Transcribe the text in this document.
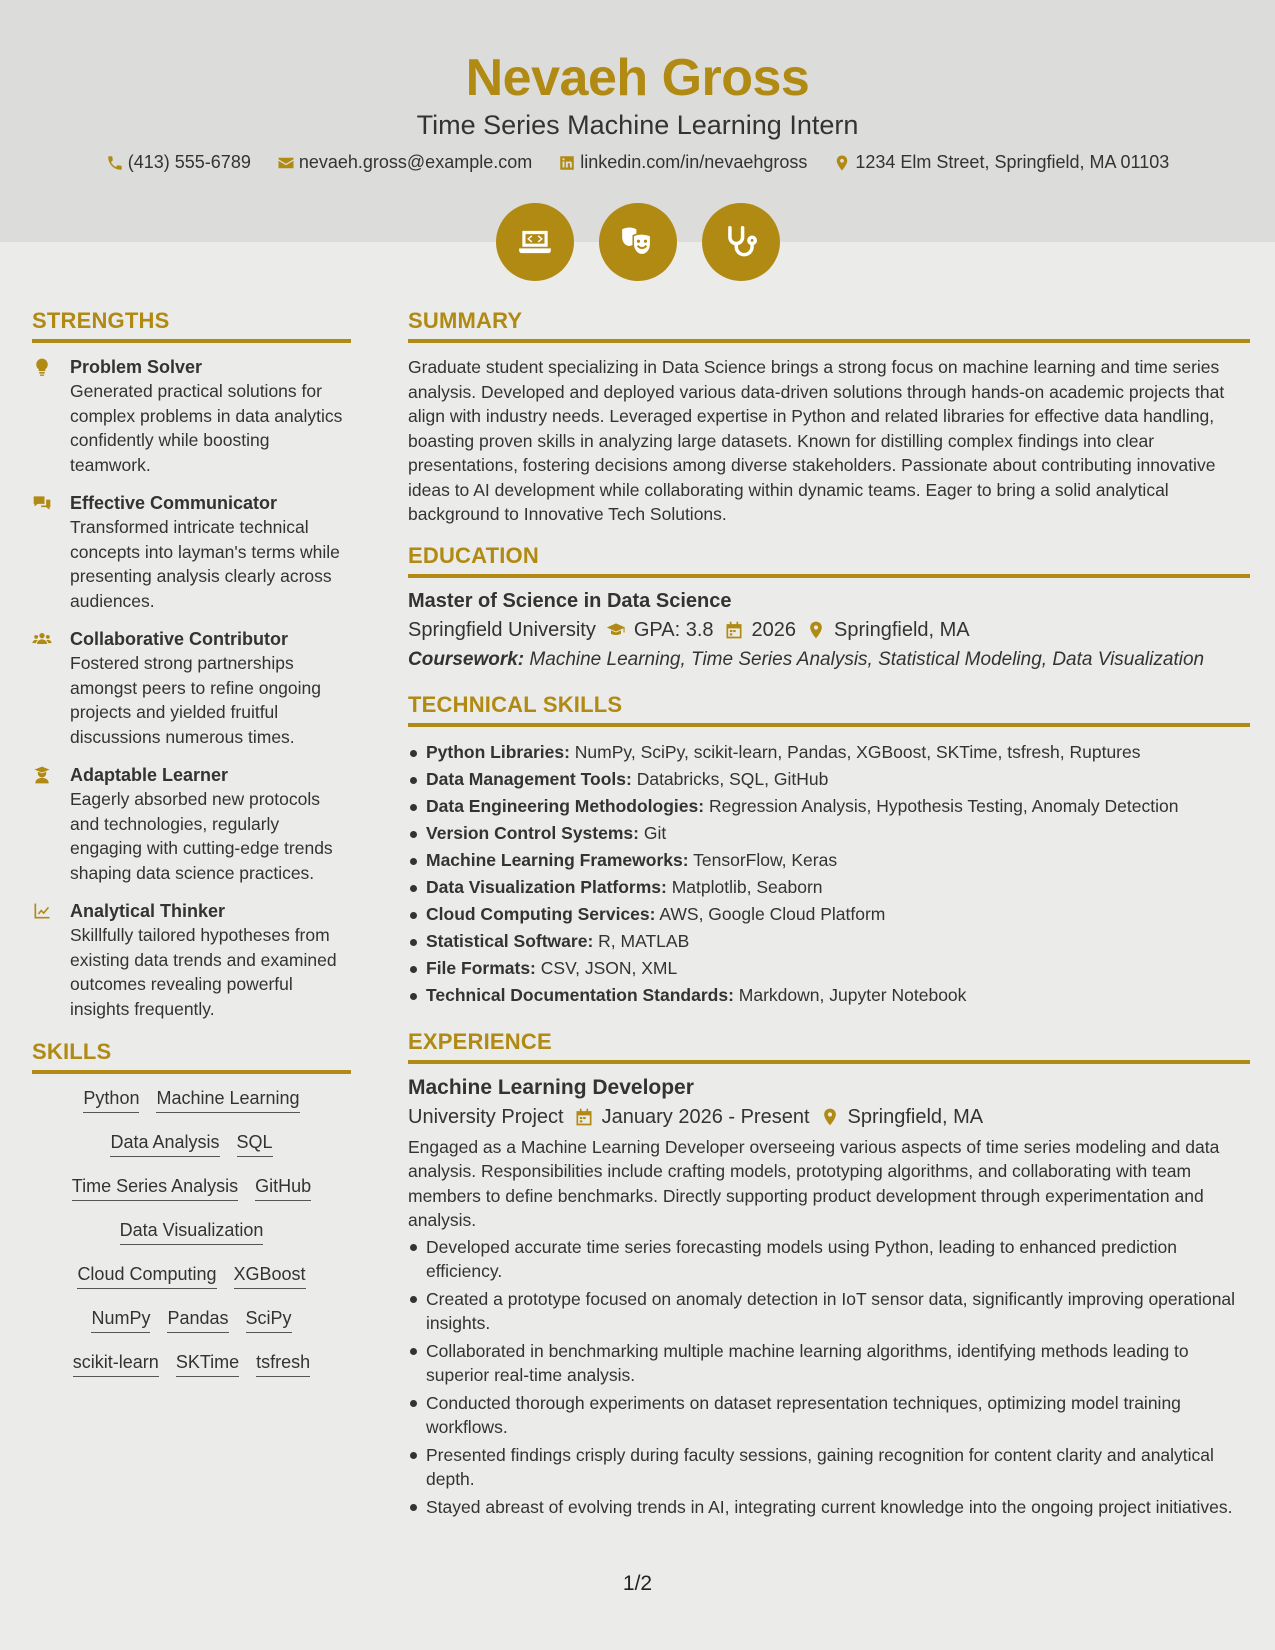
Nevaeh Gross
Time Series Machine Learning Intern
(413) 555-6789	nevaeh.gross@example.com	linkedin.com/in/nevaehgross	1234 Elm Street, Springfield, MA 01103
STRENGTHS
Problem Solver
Generated practical solutions for complex problems in data analytics confidently while boosting teamwork.
Effective Communicator
Transformed intricate technical concepts into layman's terms while presenting analysis clearly across audiences.
Collaborative Contributor
Fostered strong partnerships amongst peers to refine ongoing projects and yielded fruitful discussions numerous times.
Adaptable Learner
Eagerly absorbed new protocols and technologies, regularly engaging with cutting-edge trends shaping data science practices.
Analytical Thinker
Skillfully tailored hypotheses from existing data trends and examined outcomes revealing powerful insights frequently.
SKILLS
Python Machine Learning
Data Analysis SQL
Time Series Analysis GitHub
Data Visualization
Cloud Computing XGBoost
NumPy Pandas SciPy
scikit-learn SKTime tsfresh
SUMMARY
Graduate student specializing in Data Science brings a strong focus on machine learning and time series analysis. Developed and deployed various data-driven solutions through hands-on academic projects that align with industry needs. Leveraged expertise in Python and related libraries for effective data handling, boasting proven skills in analyzing large datasets. Known for distilling complex findings into clear presentations, fostering decisions among diverse stakeholders. Passionate about contributing innovative ideas to AI development while collaborating within dynamic teams. Eager to bring a solid analytical background to Innovative Tech Solutions.
EDUCATION
Master of Science in Data Science
Springfield University GPA: 3.8 2026 Springfield, MA
Coursework: Machine Learning, Time Series Analysis, Statistical Modeling, Data Visualization
TECHNICAL SKILLS
Python Libraries: NumPy, SciPy, scikit-learn, Pandas, XGBoost, SKTime, tsfresh, Ruptures
Data Management Tools: Databricks, SQL, GitHub
Data Engineering Methodologies: Regression Analysis, Hypothesis Testing, Anomaly Detection
Version Control Systems: Git
Machine Learning Frameworks: TensorFlow, Keras
Data Visualization Platforms: Matplotlib, Seaborn
Cloud Computing Services: AWS, Google Cloud Platform
Statistical Software: R, MATLAB
File Formats: CSV, JSON, XML
Technical Documentation Standards: Markdown, Jupyter Notebook
EXPERIENCE
Machine Learning Developer
University Project January 2026 - Present Springfield, MA
Engaged as a Machine Learning Developer overseeing various aspects of time series modeling and data analysis. Responsibilities include crafting models, prototyping algorithms, and collaborating with team members to define benchmarks. Directly supporting product development through experimentation and analysis.
Developed accurate time series forecasting models using Python, leading to enhanced prediction efficiency.
Created a prototype focused on anomaly detection in IoT sensor data, significantly improving operational insights.
Collaborated in benchmarking multiple machine learning algorithms, identifying methods leading to superior real-time analysis.
Conducted thorough experiments on dataset representation techniques, optimizing model training workflows.
Presented findings crisply during faculty sessions, gaining recognition for content clarity and analytical depth.
Stayed abreast of evolving trends in AI, integrating current knowledge into the ongoing project initiatives.
1/2
